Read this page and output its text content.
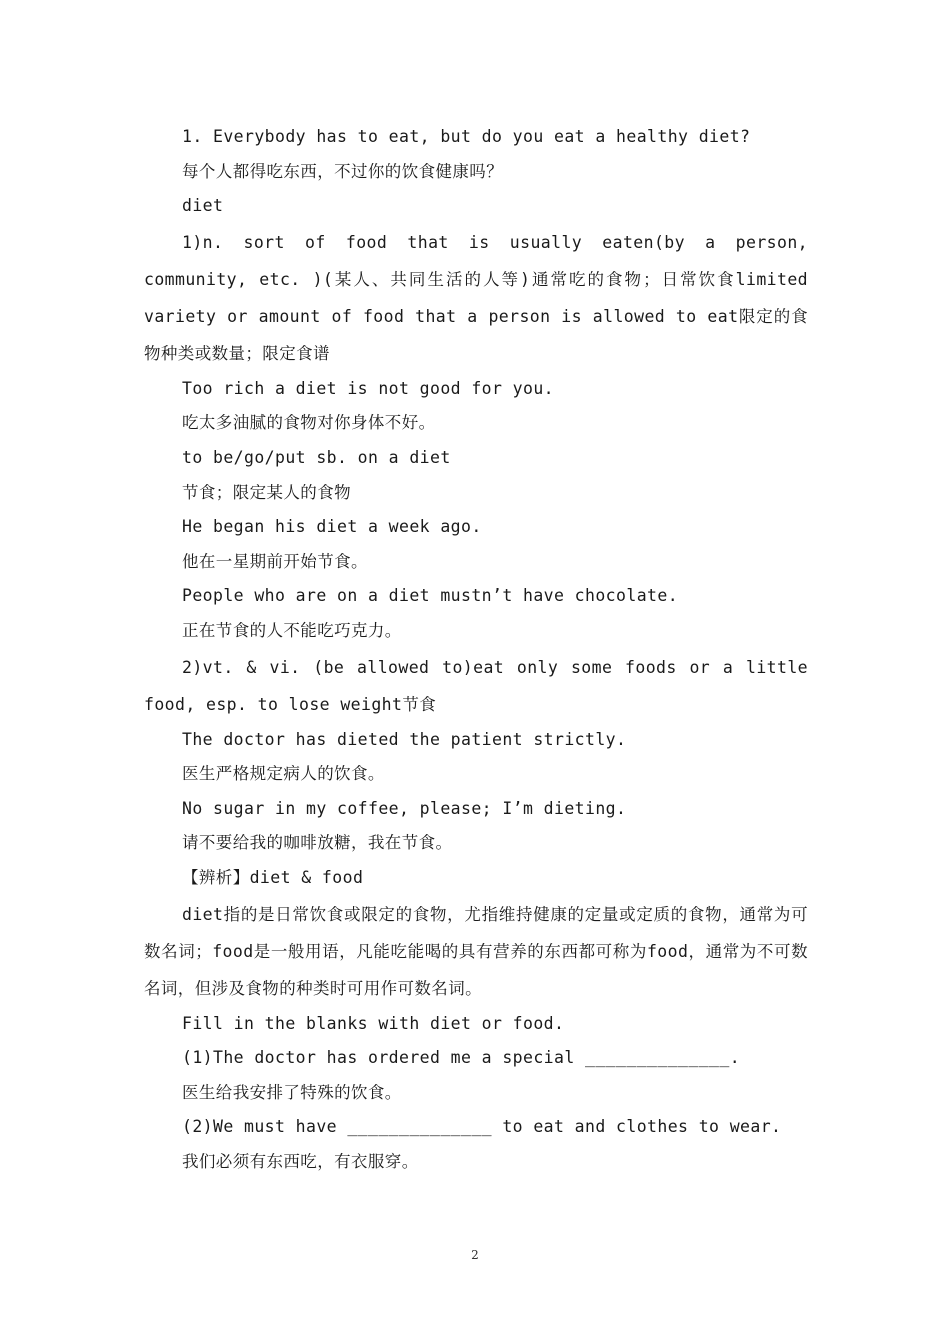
1. Everybody has to eat, but do you eat a healthy diet?
每个人都得吃东西，不过你的饮食健康吗？
diet

1)n. sort of food that is usually eaten(by a person, community, etc. )(某人、共同生活的人等)通常吃的食物；日常饮食limited variety or amount of food that a person is allowed to eat限定的食物种类或数量；限定食谱

Too rich a diet is not good for you.
吃太多油腻的食物对你身体不好。
to be/go/put sb. on a diet
节食；限定某人的食物
He began his diet a week ago.
他在一星期前开始节食。
People who are on a diet mustn’t have chocolate.
正在节食的人不能吃巧克力。

2)vt. & vi. (be allowed to)eat only some foods or a little food, esp. to lose weight节食

The doctor has dieted the patient strictly.
医生严格规定病人的饮食。
No sugar in my coffee, please; I’m dieting.
请不要给我的咖啡放糖，我在节食。
【辨析】diet & food

diet指的是日常饮食或限定的食物，尤指维持健康的定量或定质的食物，通常为可数名词；food是一般用语，凡能吃能喝的具有营养的东西都可称为food，通常为不可数名词，但涉及食物的种类时可用作可数名词。

Fill in the blanks with diet or food.
(1)The doctor has ordered me a special ______________.
医生给我安排了特殊的饮食。
(2)We must have ______________ to eat and clothes to wear.
我们必须有东西吃，有衣服穿。
2
